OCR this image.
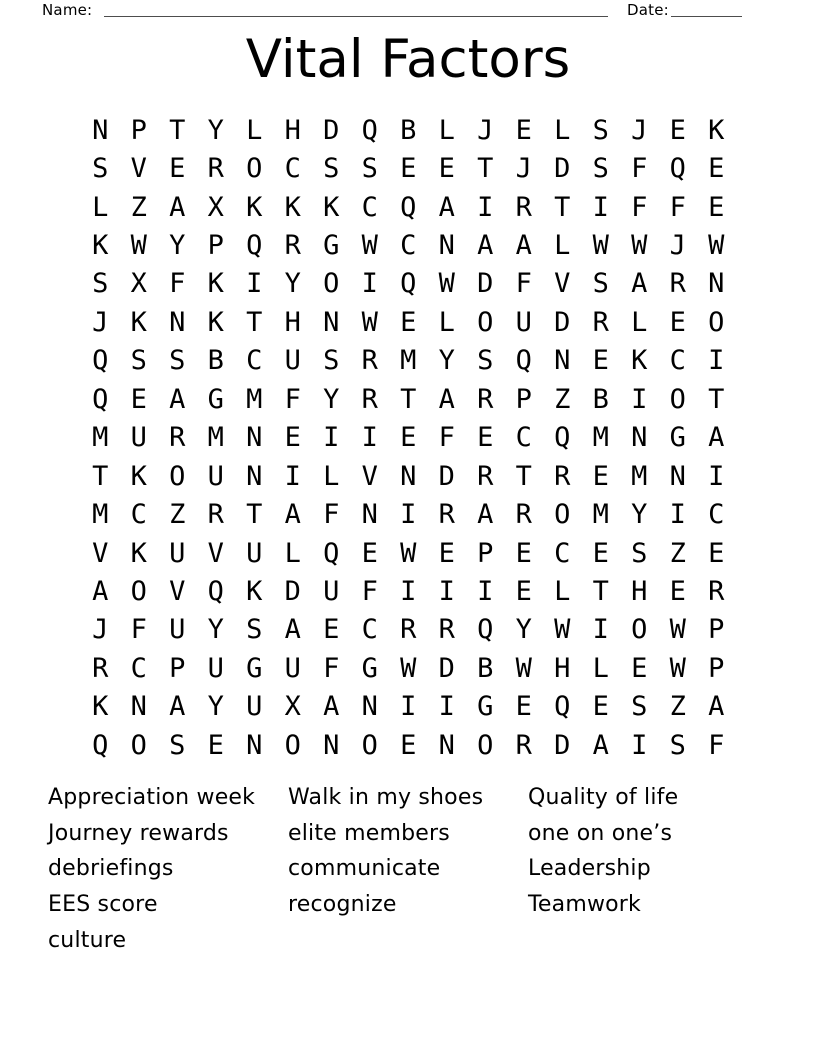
Name:	Date:
Vital Factors
N P T Y L H D Q B L J E L S J E K
S V E R O C S S E E T J D S F Q E
L Z A X K K K C Q A I R T I F F E
K W Y P Q R G W C N A A L W W J W
S X F K I Y O I Q W D F V S A R N
J K N K T H N W E L O U D R L E O
Q S S B C U S R M Y S Q N E K C I
Q E A G M F Y R T A R P Z B I O T
M U R M N E I I E F E C Q M N G A
T K O U N I L V N D R T R E M N I
M C Z R T A F N I R A R O M Y I C
V K U V U L Q E W E P E C E S Z E
A O V Q K D U F I I I E L T H E R
J F U Y S A E C R R Q Y W I O W P
R C P U G U F G W D B W H L E W P
K N A Y U X A N I I G E Q E S Z A
Q O S E N O N O E N O R D A I S F
Appreciation week
Journey rewards
debriefings
EES score
culture
Walk in my shoes
elite members
communicate
recognize
Quality of life
one on one’s
Leadership
Teamwork
